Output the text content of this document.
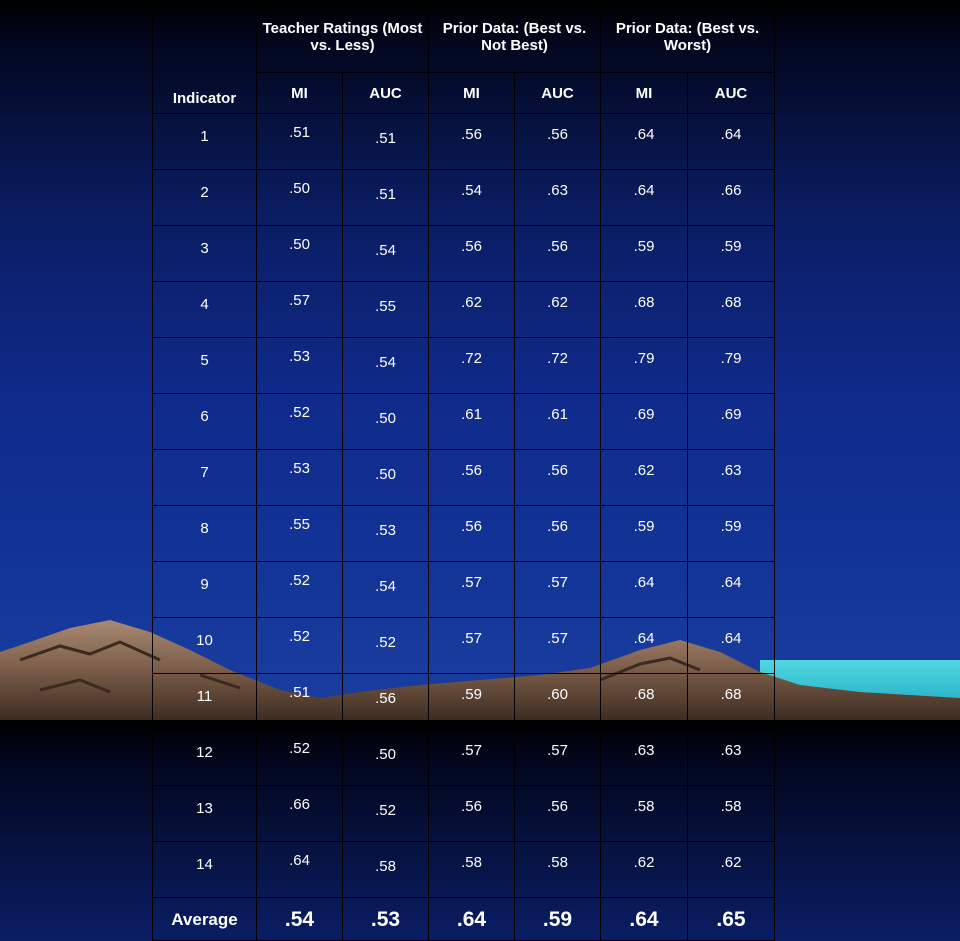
Indicator	Teacher Ratings (Most vs. Less)		Prior Data: (Best vs. Not Best)		Prior Data: (Best vs. Worst)	
	MI	AUC	MI	AUC	MI	AUC
1	.51	.51	.56	.56	.64	.64
2	.50	.51	.54	.63	.64	.66
3	.50	.54	.56	.56	.59	.59
4	.57	.55	.62	.62	.68	.68
5	.53	.54	.72	.72	.79	.79
6	.52	.50	.61	.61	.69	.69
7	.53	.50	.56	.56	.62	.63
8	.55	.53	.56	.56	.59	.59
9	.52	.54	.57	.57	.64	.64
10	.52	.52	.57	.57	.64	.64
11	.51	.56	.59	.60	.68	.68
12	.52	.50	.57	.57	.63	.63
13	.66	.52	.56	.56	.58	.58
14	.64	.58	.58	.58	.62	.62
Average	.54	.53	.64	.59	.64	.65
